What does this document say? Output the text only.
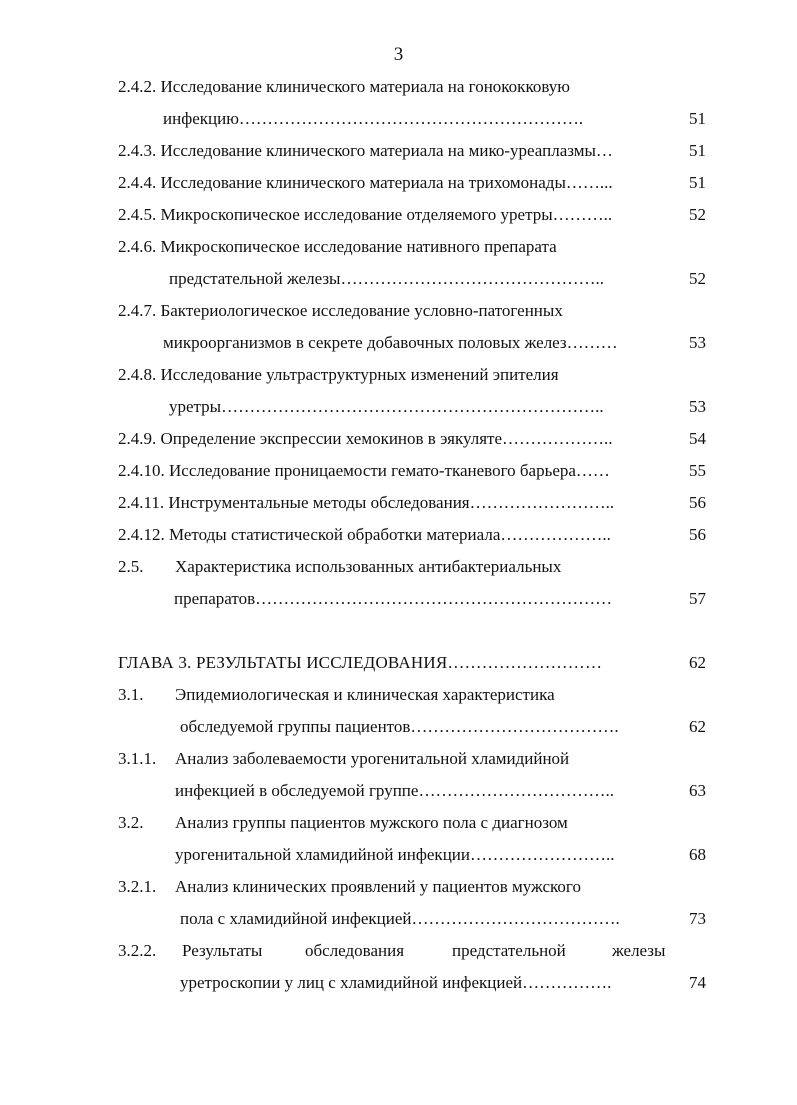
3
2.4.2. Исследование клинического материала на гонококковую
инфекцию…………………………………………………….	51
2.4.3. Исследование клинического материала на мико-уреаплазмы…	51
2.4.4. Исследование клинического материала на трихомонады……...	51
2.4.5. Микроскопическое исследование отделяемого уретры………..	52
2.4.6. Микроскопическое исследование нативного препарата
предстательной железы………………………………………..	52
2.4.7. Бактериологическое исследование условно-патогенных
микроорганизмов в секрете добавочных половых желез………	53
2.4.8. Исследование ультраструктурных изменений эпителия
уретры…………………………………………………………..	53
2.4.9. Определение экспрессии хемокинов в эякуляте………………..	54
2.4.10. Исследование проницаемости гемато-тканевого барьера……	55
2.4.11. Инструментальные методы обследования……………………..	56
2.4.12. Методы статистической обработки материала………………..	56
2.5. Характеристика использованных антибактериальных
препаратов………………………………………………………	57
ГЛАВА 3. РЕЗУЛЬТАТЫ ИССЛЕДОВАНИЯ………………………	62
3.1. Эпидемиологическая и клиническая характеристика
обследуемой группы пациентов……………………………….	62
3.1.1. Анализ заболеваемости урогенитальной хламидийной
инфекцией в обследуемой группе……………………………..	63
3.2. Анализ группы пациентов мужского пола с диагнозом
урогенитальной хламидийной инфекции……………………..	68
3.2.1. Анализ клинических проявлений у пациентов мужского
пола с хламидийной инфекцией……………………………….	73
3.2.2. Результаты	обследования	предстательной	железы
уретроскопии у лиц с хламидийной инфекцией…………….	74
